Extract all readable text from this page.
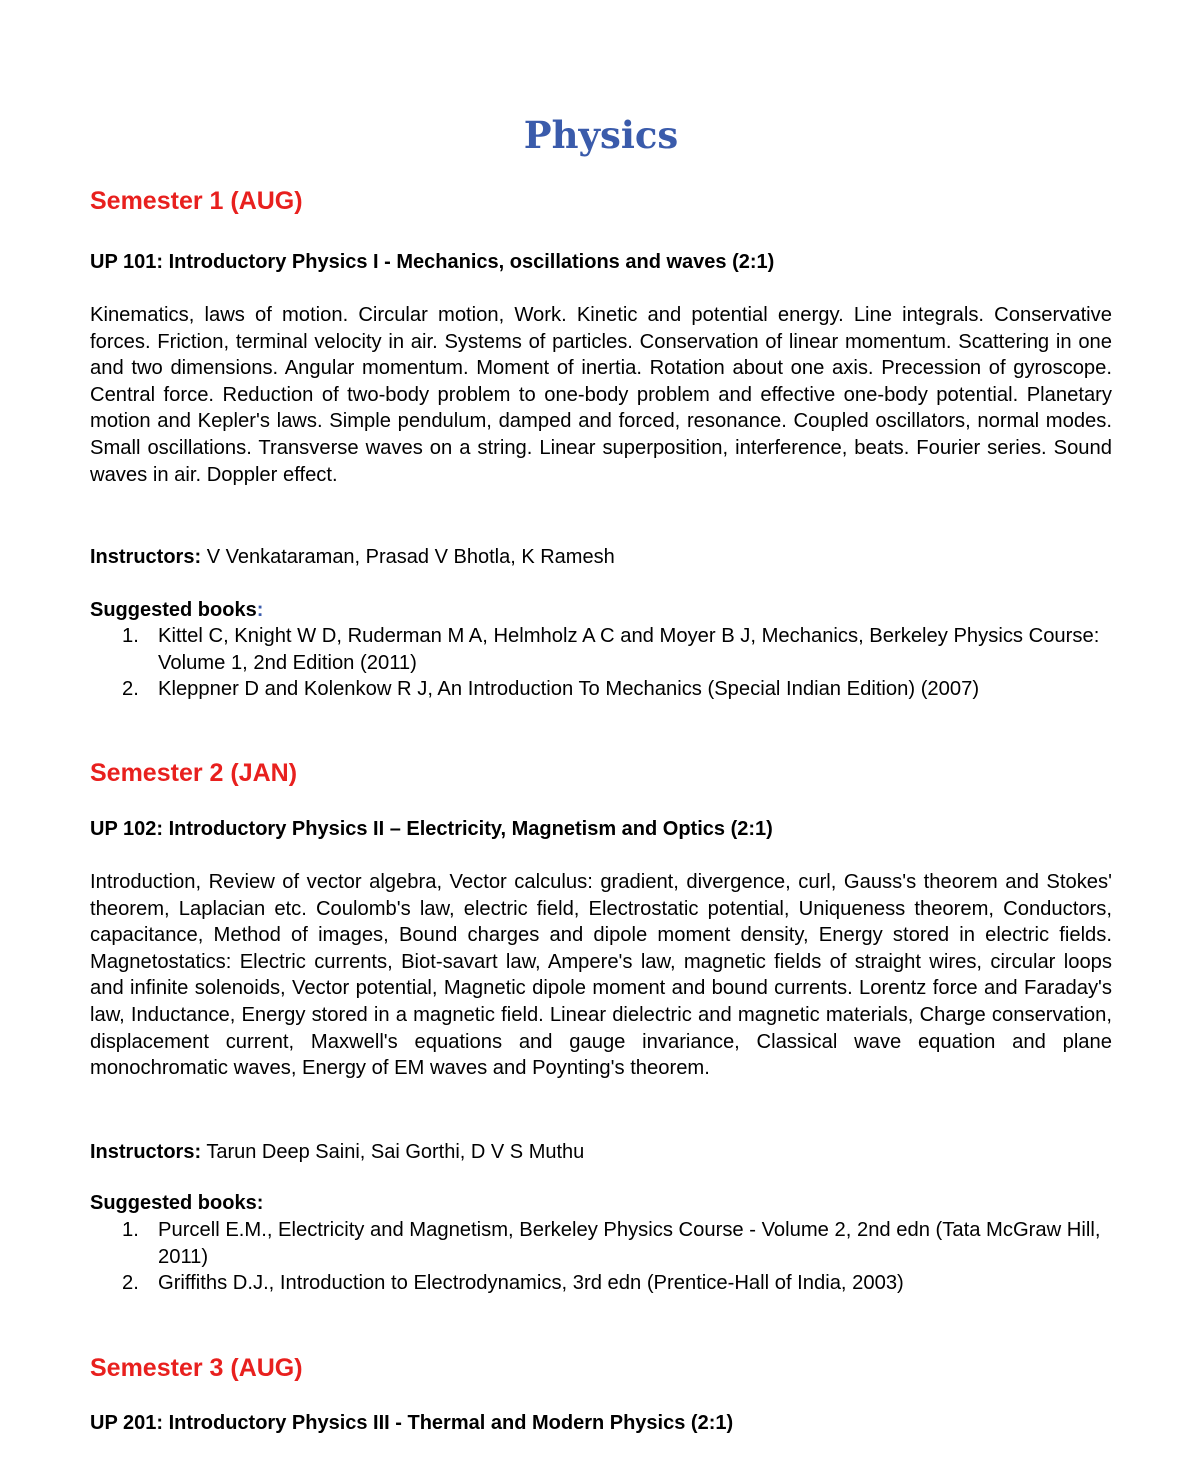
Physics
Semester 1 (AUG)

UP 101: Introductory Physics I - Mechanics, oscillations and waves (2:1)

Kinematics, laws of motion. Circular motion, Work. Kinetic and potential energy. Line integrals. Conservative forces. Friction, terminal velocity in air. Systems of particles. Conservation of linear momentum. Scattering in one and two dimensions. Angular momentum. Moment of inertia. Rotation about one axis. Precession of gyroscope. Central force. Reduction of two-body problem to one-body problem and effective one-body potential. Planetary motion and Kepler's laws. Simple pendulum, damped and forced, resonance. Coupled oscillators, normal modes. Small oscillations. Transverse waves on a string. Linear superposition, interference, beats. Fourier series. Sound waves in air. Doppler effect.

Instructors: V Venkataraman, Prasad V Bhotla, K Ramesh

Suggested books:

1. Kittel C, Knight W D, Ruderman M A, Helmholz A C and Moyer B J, Mechanics, Berkeley Physics Course: Volume 1, 2nd Edition (2011)
2. Kleppner D and Kolenkow R J, An Introduction To Mechanics (Special Indian Edition) (2007)
Semester 2 (JAN)

UP 102: Introductory Physics II – Electricity, Magnetism and Optics (2:1)

Introduction, Review of vector algebra, Vector calculus: gradient, divergence, curl, Gauss's theorem and Stokes' theorem, Laplacian etc. Coulomb's law, electric field, Electrostatic potential, Uniqueness theorem, Conductors, capacitance, Method of images, Bound charges and dipole moment density, Energy stored in electric fields. Magnetostatics: Electric currents, Biot-savart law, Ampere's law, magnetic fields of straight wires, circular loops and infinite solenoids, Vector potential, Magnetic dipole moment and bound currents. Lorentz force and Faraday's law, Inductance, Energy stored in a magnetic field. Linear dielectric and magnetic materials, Charge conservation, displacement current, Maxwell's equations and gauge invariance, Classical wave equation and plane monochromatic waves, Energy of EM waves and Poynting's theorem.

Instructors: Tarun Deep Saini, Sai Gorthi, D V S Muthu

Suggested books:

1. Purcell E.M., Electricity and Magnetism, Berkeley Physics Course - Volume 2, 2nd edn (Tata McGraw Hill, 2011)
2. Griffiths D.J., Introduction to Electrodynamics, 3rd edn (Prentice-Hall of India, 2003)
Semester 3 (AUG)

UP 201: Introductory Physics III - Thermal and Modern Physics (2:1)
